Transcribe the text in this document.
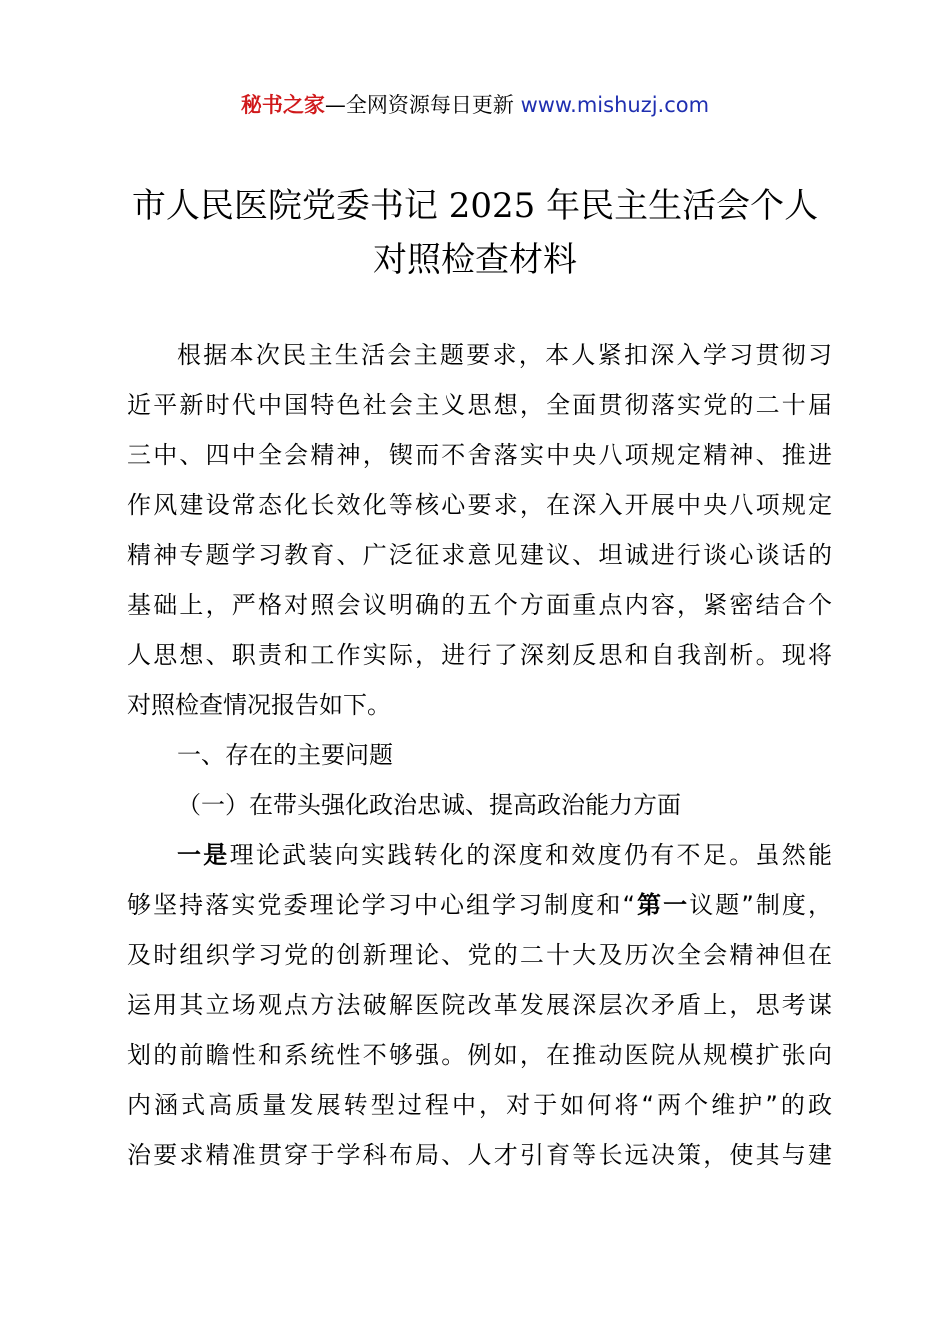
秘书之家—全网资源每日更新 www.mishuzj.com
市人民医院党委书记 2025 年民主生活会个人
对照检查材料
根据本次民主生活会主题要求，本人紧扣深入学习贯彻习
近平新时代中国特色社会主义思想，全面贯彻落实党的二十届
三中、四中全会精神，锲而不舍落实中央八项规定精神、推进
作风建设常态化长效化等核心要求，在深入开展中央八项规定
精神专题学习教育、广泛征求意见建议、坦诚进行谈心谈话的
基础上，严格对照会议明确的五个方面重点内容，紧密结合个
人思想、职责和工作实际，进行了深刻反思和自我剖析。现将
对照检查情况报告如下。
一、存在的主要问题
（一）在带头强化政治忠诚、提高政治能力方面
一是理论武装向实践转化的深度和效度仍有不足。虽然能
够坚持落实党委理论学习中心组学习制度和“第一议题”制度，
及时组织学习党的创新理论、党的二十大及历次全会精神但在
运用其立场观点方法破解医院改革发展深层次矛盾上，思考谋
划的前瞻性和系统性不够强。例如，在推动医院从规模扩张向
内涵式高质量发展转型过程中，对于如何将“两个维护”的政
治要求精准贯穿于学科布局、人才引育等长远决策，使其与建
